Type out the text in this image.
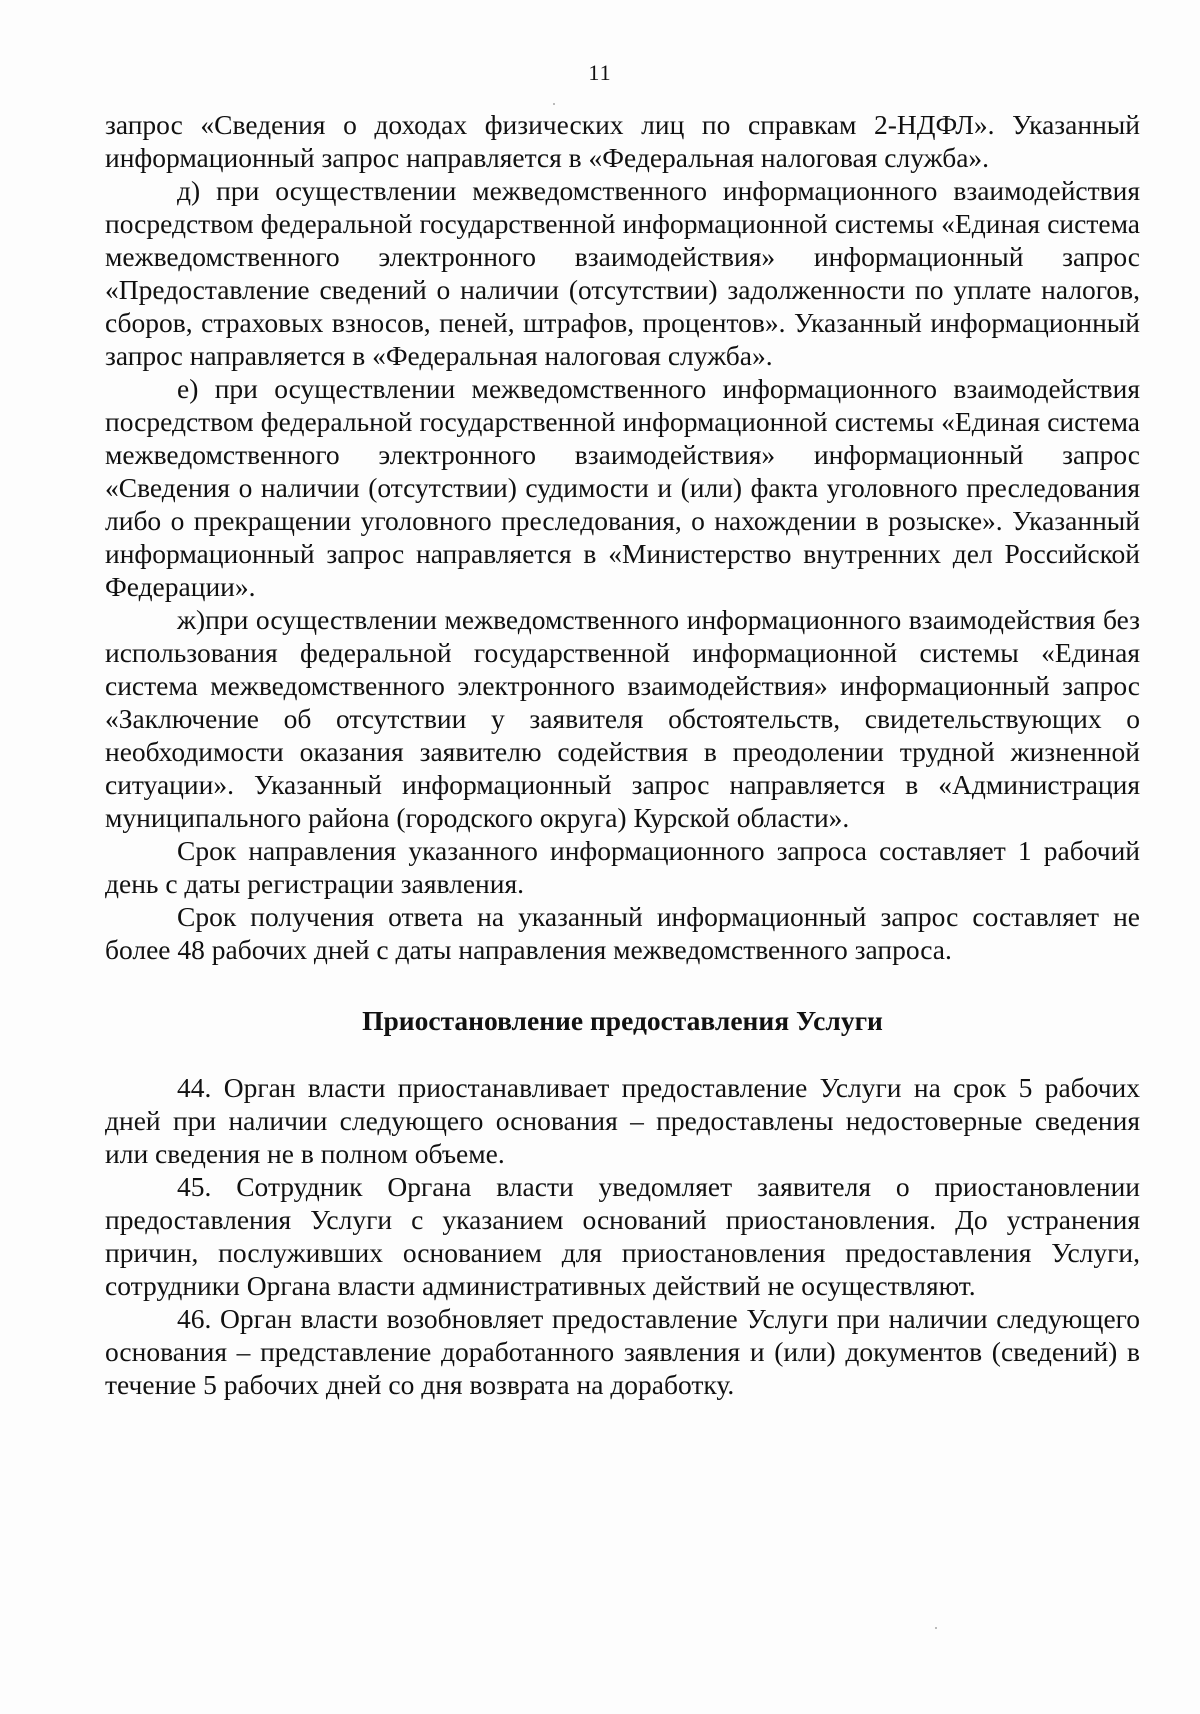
11

запрос «Сведения о доходах физических лиц по справкам 2-НДФЛ». Указанный информационный запрос направляется в «Федеральная налоговая служба».

д) при осуществлении межведомственного информационного взаимодействия посредством федеральной государственной информационной системы «Единая система межведомственного электронного взаимодействия» информационный запрос «Предоставление сведений о наличии (отсутствии) задолженности по уплате налогов, сборов, страховых взносов, пеней, штрафов, процентов». Указанный информационный запрос направляется в «Федеральная налоговая служба».

е) при осуществлении межведомственного информационного взаимодействия посредством федеральной государственной информационной системы «Единая система межведомственного электронного взаимодействия» информационный запрос «Сведения о наличии (отсутствии) судимости и (или) факта уголовного преследования либо о прекращении уголовного преследования, о нахождении в розыске». Указанный информационный запрос направляется в «Министерство внутренних дел Российской Федерации».

ж)при осуществлении межведомственного информационного взаимодействия без использования федеральной государственной информационной системы «Единая система межведомственного электронного взаимодействия» информационный запрос «Заключение об отсутствии у заявителя обстоятельств, свидетельствующих о необходимости оказания заявителю содействия в преодолении трудной жизненной ситуации». Указанный информационный запрос направляется в «Администрация муниципального района (городского округа) Курской области».

Срок направления указанного информационного запроса составляет 1 рабочий день с даты регистрации заявления.

Срок получения ответа на указанный информационный запрос составляет не более 48 рабочих дней с даты направления межведомственного запроса.

Приостановление предоставления Услуги

44. Орган власти приостанавливает предоставление Услуги на срок 5 рабочих дней при наличии следующего основания – предоставлены недостоверные сведения или сведения не в полном объеме.

45. Сотрудник Органа власти уведомляет заявителя о приостановлении предоставления Услуги с указанием оснований приостановления. До устранения причин, послуживших основанием для приостановления предоставления Услуги, сотрудники Органа власти административных действий не осуществляют.

46. Орган власти возобновляет предоставление Услуги при наличии следующего основания – представление доработанного заявления и (или) документов (сведений) в течение 5 рабочих дней со дня возврата на доработку.
